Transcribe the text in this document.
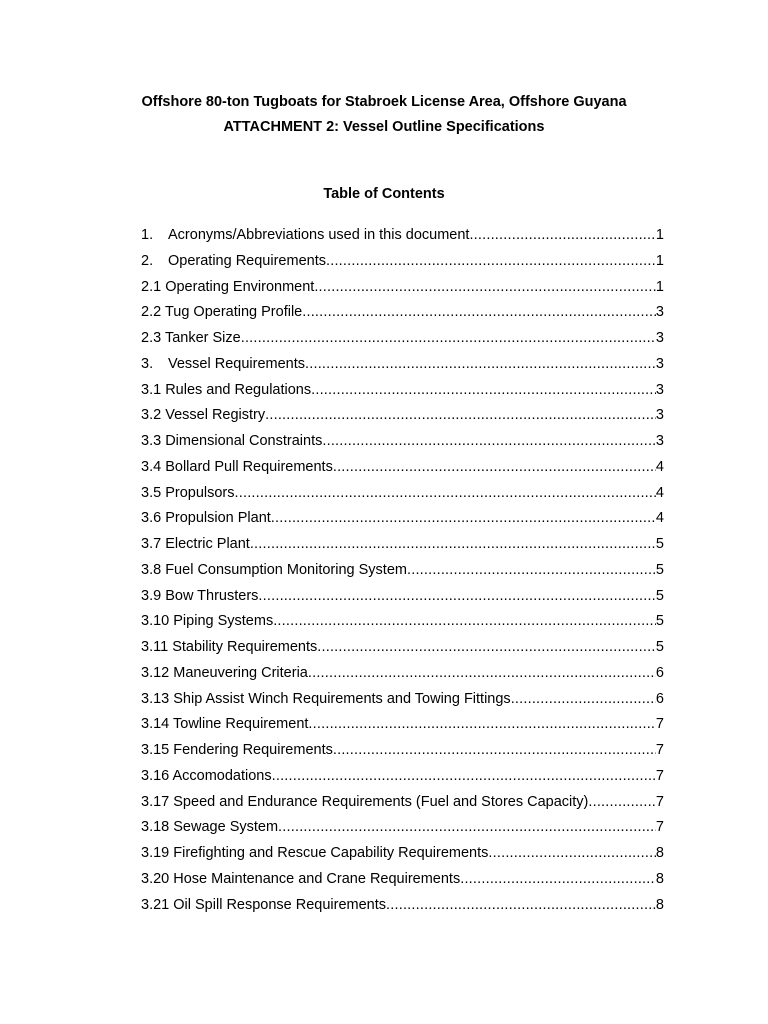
Offshore 80-ton Tugboats for Stabroek License Area, Offshore Guyana
ATTACHMENT 2: Vessel Outline Specifications
Table of Contents
1. Acronyms/Abbreviations used in this document .....	1
2. Operating Requirements .....	1
2.1 Operating Environment .....	1
2.2 Tug Operating Profile .....	3
2.3 Tanker Size .....	3
3. Vessel Requirements .....	3
3.1 Rules and Regulations .....	3
3.2 Vessel Registry .....	3
3.3 Dimensional Constraints .....	3
3.4 Bollard Pull Requirements .....	4
3.5 Propulsors .....	4
3.6 Propulsion Plant .....	4
3.7 Electric Plant .....	5
3.8 Fuel Consumption Monitoring System .....	5
3.9 Bow Thrusters .....	5
3.10 Piping Systems .....	5
3.11 Stability Requirements .....	5
3.12 Maneuvering Criteria .....	6
3.13 Ship Assist Winch Requirements and Towing Fittings .....	6
3.14 Towline Requirement .....	7
3.15 Fendering Requirements .....	7
3.16 Accomodations .....	7
3.17 Speed and Endurance Requirements (Fuel and Stores Capacity) .....	7
3.18 Sewage System .....	7
3.19 Firefighting and Rescue Capability Requirements .....	8
3.20 Hose Maintenance and Crane Requirements .....	8
3.21 Oil Spill Response Requirements .....	8
